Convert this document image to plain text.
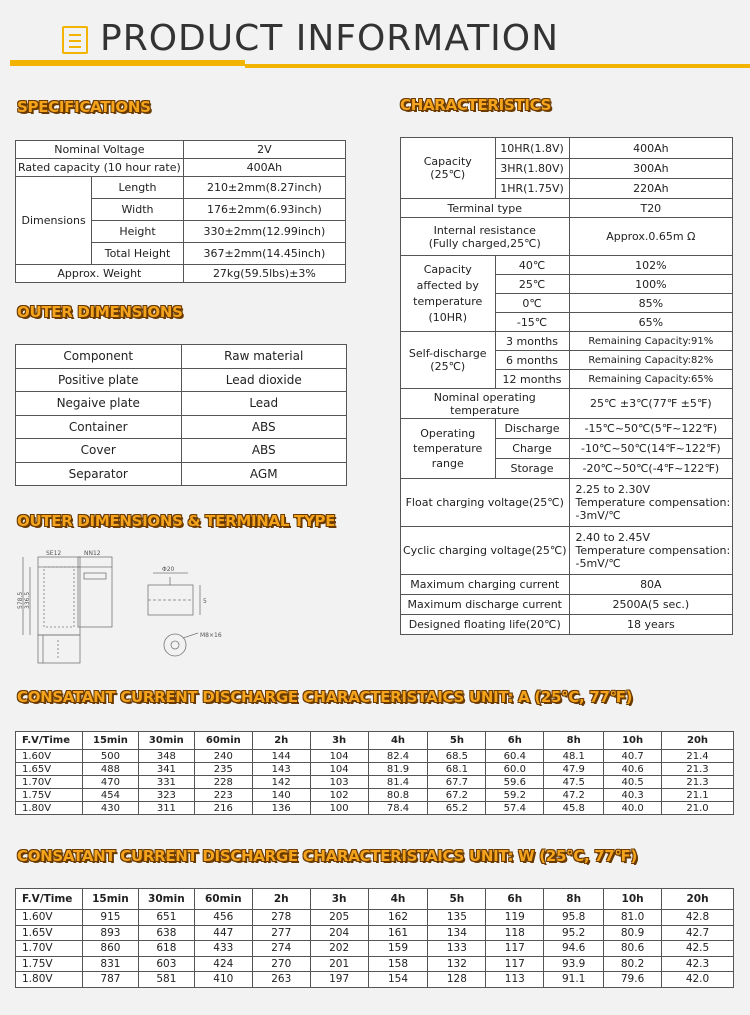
PRODUCT INFORMATION
SPECIFICATIONS
Nominal Voltage		2V
Rated capacity (10 hour rate)		400Ah
Dimensions	Length	210±2mm(8.27inch)
	Width	176±2mm(6.93inch)
	Height	330±2mm(12.99inch)
	Total Height	367±2mm(14.45inch)
Approx. Weight		27kg(59.5lbs)±3%
OUTER DIMENSIONS
Component	Raw material
Positive plate	Lead dioxide
Negaive plate	Lead
Container	ABS
Cover	ABS
Separator	AGM
OUTER DIMENSIONS & TERMINAL TYPE
SE12	NN12
Φ20
5
M8×16
578.5 336.5
CHARACTERISTICS
Capacity
(25℃)	10HR(1.8V)	400Ah
	3HR(1.80V)	300Ah
	1HR(1.75V)	220Ah
Terminal type		T20
Internal resistance
(Fully charged,25℃)		Approx.0.65m Ω
Capacity
affected by
temperature
(10HR)	40℃	102%
	25℃	100%
	0℃	85%
	-15℃	65%
Self-discharge
(25℃)	3 months	Remaining Capacity:91%
	6 months	Remaining Capacity:82%
	12 months	Remaining Capacity:65%
Nominal operating
temperature		25℃ ±3℃(77℉ ±5℉)
Operating
temperature
range	Discharge	-15℃~50℃(5℉~122℉)
	Charge	-10℃~50℃(14℉~122℉)
	Storage	-20℃~50℃(-4℉~122℉)
Float charging voltage(25℃)		2.25 to 2.30V
Temperature compensation:
-3mV/℃
Cyclic charging voltage(25℃)		2.40 to 2.45V
Temperature compensation:
-5mV/℃
Maximum charging current		80A
Maximum discharge current		2500A(5 sec.)
Designed floating life(20℃)		18 years
CONSATANT CURRENT DISCHARGE CHARACTERISTAICS UNIT: A (25℃, 77℉)
F.V/Time	15min	30min	60min	2h	3h	4h	5h	6h	8h	10h	20h
1.60V	500	348	240	144	104	82.4	68.5	60.4	48.1	40.7	21.4
1.65V	488	341	235	143	104	81.9	68.1	60.0	47.9	40.6	21.3
1.70V	470	331	228	142	103	81.4	67.7	59.6	47.5	40.5	21.3
1.75V	454	323	223	140	102	80.8	67.2	59.2	47.2	40.3	21.1
1.80V	430	311	216	136	100	78.4	65.2	57.4	45.8	40.0	21.0
CONSATANT CURRENT DISCHARGE CHARACTERISTAICS UNIT: W (25℃, 77℉)
F.V/Time	15min	30min	60min	2h	3h	4h	5h	6h	8h	10h	20h
1.60V	915	651	456	278	205	162	135	119	95.8	81.0	42.8
1.65V	893	638	447	277	204	161	134	118	95.2	80.9	42.7
1.70V	860	618	433	274	202	159	133	117	94.6	80.6	42.5
1.75V	831	603	424	270	201	158	132	117	93.9	80.2	42.3
1.80V	787	581	410	263	197	154	128	113	91.1	79.6	42.0
